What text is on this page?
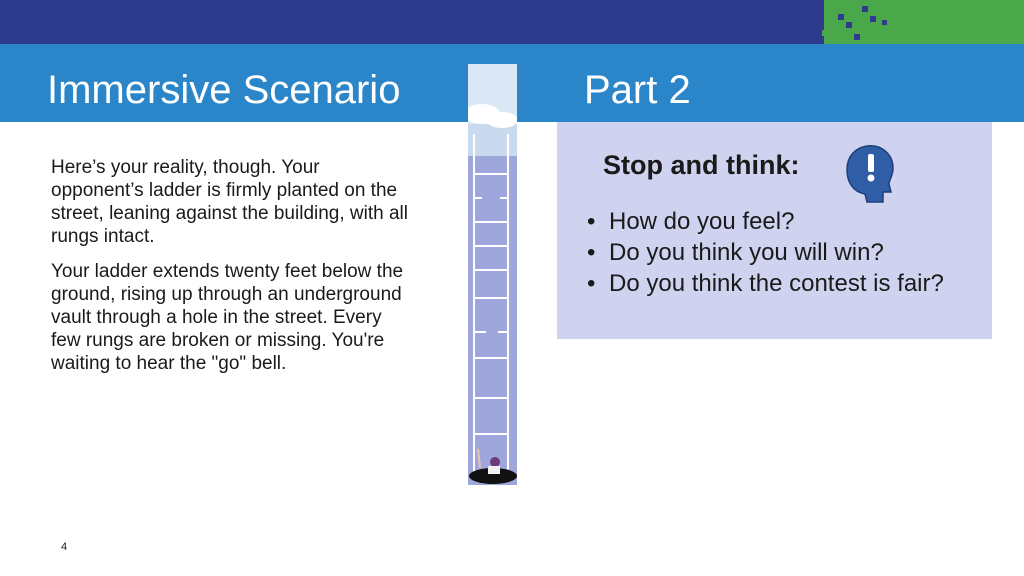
Immersive Scenario	Part 2

Here’s your reality, though. Your opponent’s ladder is firmly planted on the street, leaning against the building, with all rungs intact.

Your ladder extends twenty feet below the ground, rising up through an underground vault through a hole in the street. Every few rungs are broken or missing. You're waiting to hear the "go" bell.

Stop and think:
• How do you feel?
• Do you think you will win?
• Do you think the contest is fair?
4
